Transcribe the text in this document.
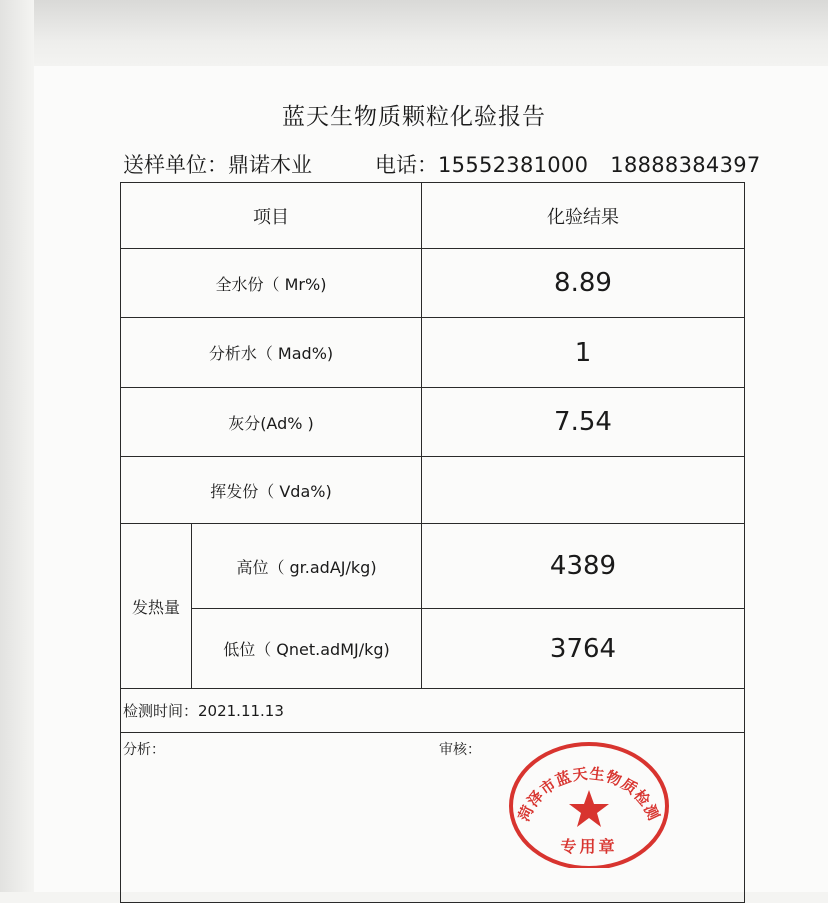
蓝天生物质颗粒化验报告
送样单位：鼎诺木业	电话：15552381000 18888384397
项目		化验结果
全水份（ Mr%)		8.89
分析水（ Mad%)		1
灰分(Ad% )		7.54
挥发份（ Vda%)		
发热量	高位（ gr.adAJ/kg)	4389
	低位（ Qnet.adMJ/kg)	3764
检测时间：2021.11.13		

分析： 审核：		
菏泽市蓝天生物质检测
专用章
